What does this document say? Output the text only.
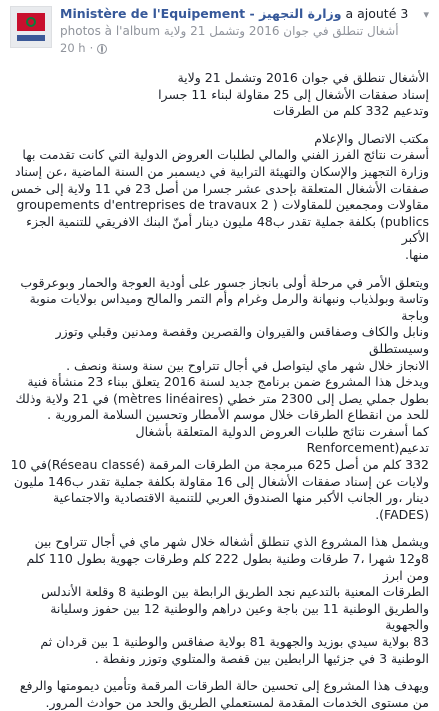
Ministère de l'Equipement - وزارة التجهيز a ajouté 3
photos à l'album أشغال تنطلق في جوان 2016 وتشمل 21 ولاية
20 h ·
▾

الأشغال تنطلق في جوان 2016 وتشمل 21 ولاية
إسناد صفقات الأشغال إلى 25 مقاولة لبناء 11 جسرا
وتدعيم 332 كلم من الطرقات

مكتب الاتصال والإعلام

أسفرت نتائج الفرز الفني والمالي لطلبات العروض الدولية التي كانت تقدمت بها
وزارة التجهيز والإسكان والتهيئة الترابية في ديسمبر من السنة الماضية ،عن إسناد
صفقات الأشغال المتعلقة بإحدى عشر جسرا من أصل 23 في 11 ولاية إلى خمس
مقاولات ومجمعين للمقاولات ( groupements d'entreprises de travaux 2
publics) بكلفة جملية تقدر ب48 مليون دينار أمنّ البنك الافريقي للتنمية الجزء الأكبر
منها.

ويتعلق الأمر في مرحلة أولى بانجاز جسور على أودية العوجة والحمار وبوعرقوب
وتاسة وبولذياب ونبهانة والرمل وغرام وأم التمر والمالح وميداس بولايات منوبة وباجة
ونابل والكاف وصفاقس والقيروان والقصرين وقفصة ومدنين وقبلي وتوزر وسيستطلق
الانجاز خلال شهر ماي ليتواصل في أجال تتراوح بين سنة وسنة ونصف .
ويدخل هذا المشروع ضمن برنامج جديد لسنة 2016 يتعلق ببناء 23 منشأة فنية
بطول جملي يصل إلى 2300 متر خطي (mètres linéaires) في 21 ولاية وذلك
للحد من انقطاع الطرقات خلال موسم الأمطار وتحسين السلامة المرورية .
كما أسفرت نتائج طلبات العروض الدولية المتعلقة بأشغال تدعيم(Renforcement
332 كلم من أصل 625 مبرمجة من الطرقات المرقمة (Réseau classé)في 10
ولايات عن إسناد صفقات الأشغال إلى 16 مقاولة بكلفة جملية تقدر ب146 مليون
دينار ،ور الجانب الأكبر منها الصندوق العربي للتنمية الاقتصادية والاجتماعية
(FADES).

ويشمل هذا المشروع الذي تنطلق أشغاله خلال شهر ماي في أجال تتراوح بين
8و12 شهرا ،7 طرقات وطنية بطول 222 كلم وطرقات جهوية بطول 110 كلم ومن ابرز
الطرقات المعنية بالتدعيم نجد الطريق الرابطة بين الوطنية 8 وقلعة الأندلس
والطريق الوطنية 11 بين باجة وعين دراهم والوطنية 12 بين حفوز وسليانة والجهوية
83 بولاية سيدي بوزيد والجهوية 81 بولاية صفاقس والوطنية 1 بين قردان ثم
الوطنية 3 في جزئيها الرابطين بين قفصة والمتلوي وتوزر ونفطة .

ويهدف هذا المشروع إلى تحسين حالة الطرقات المرقمة وتأمين ديمومتها والرفع
من مستوى الخدمات المقدمة لمستعملي الطريق والحد من حوادث المرور.
